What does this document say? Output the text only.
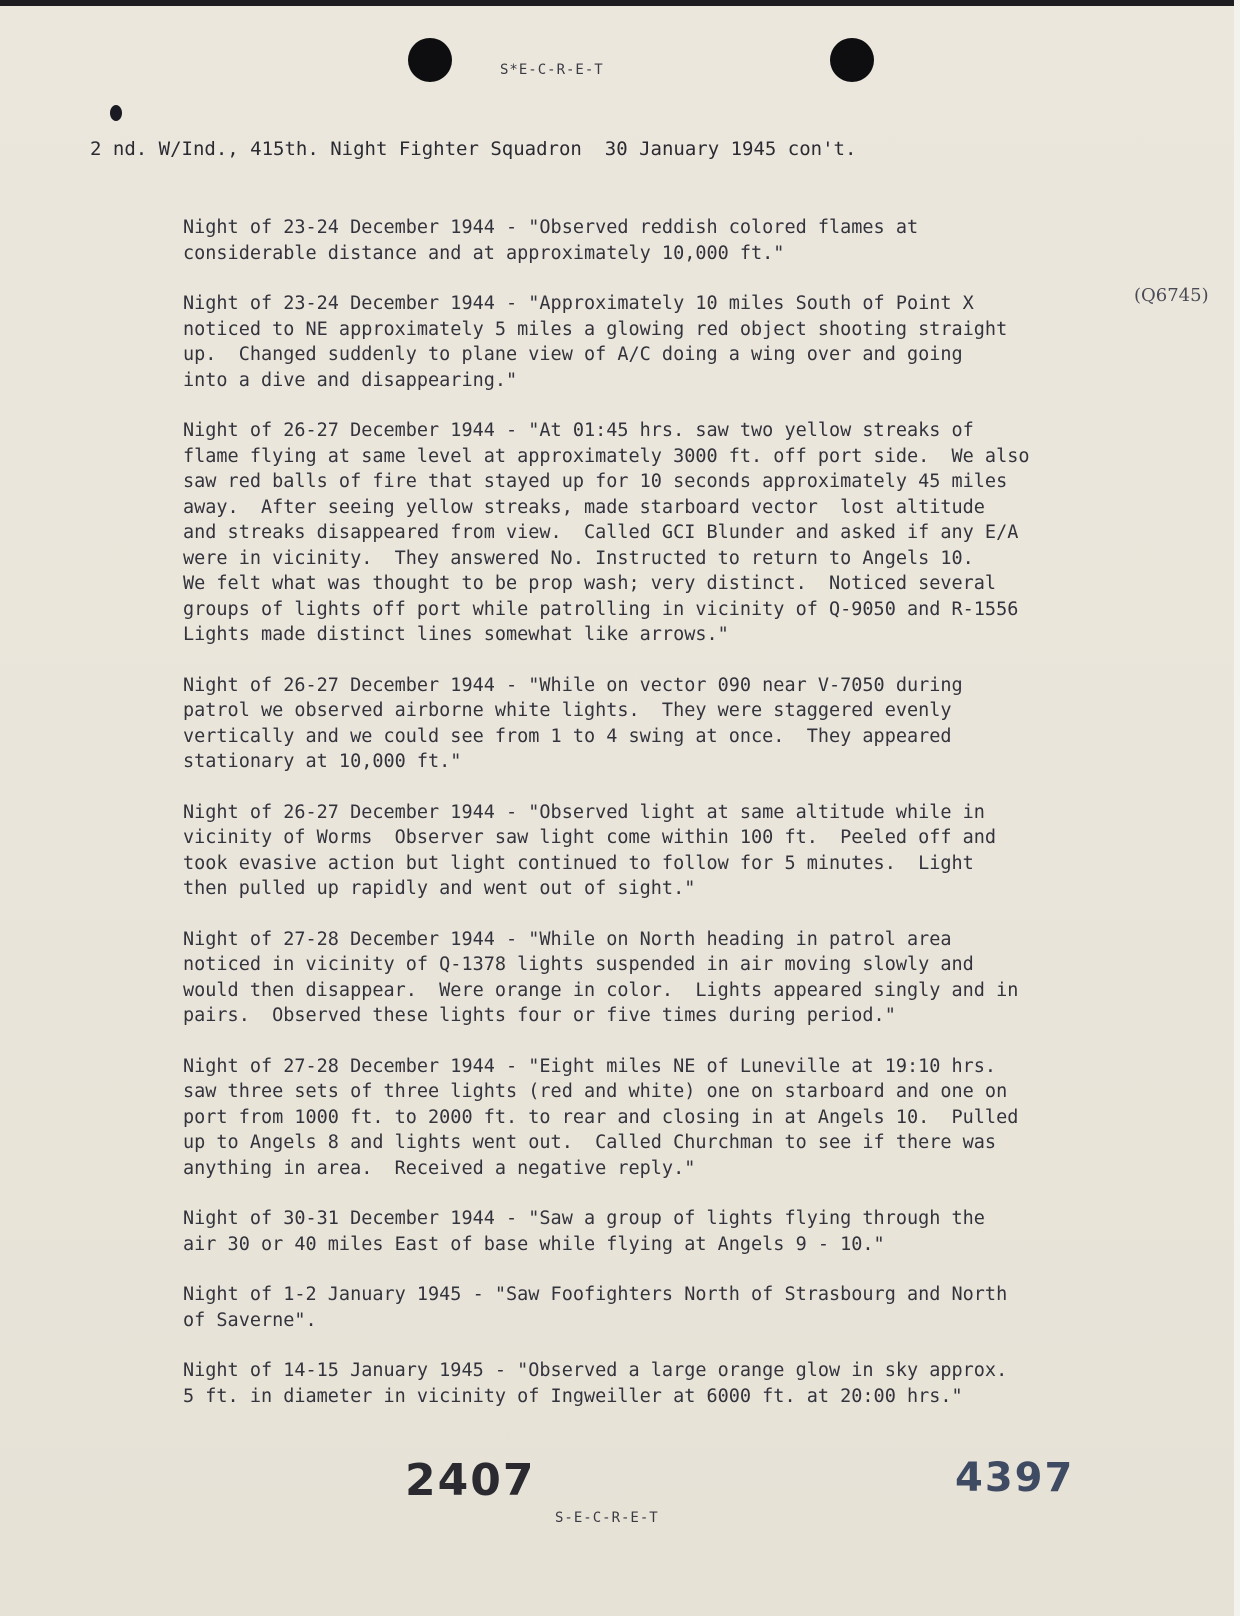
S*E-C-R-E-T
2 nd. W/Ind., 415th. Night Fighter Squadron  30 January 1945 con't.
(Q6745)
Night of 23-24 December 1944 - "Observed reddish colored flames at
considerable distance and at approximately 10,000 ft."
Night of 23-24 December 1944 - "Approximately 10 miles South of Point X
noticed to NE approximately 5 miles a glowing red object shooting straight
up.  Changed suddenly to plane view of A/C doing a wing over and going
into a dive and disappearing."
Night of 26-27 December 1944 - "At 01:45 hrs. saw two yellow streaks of
flame flying at same level at approximately 3000 ft. off port side.  We also
saw red balls of fire that stayed up for 10 seconds approximately 45 miles
away.  After seeing yellow streaks, made starboard vector  lost altitude
and streaks disappeared from view.  Called GCI Blunder and asked if any E/A
were in vicinity.  They answered No. Instructed to return to Angels 10.
We felt what was thought to be prop wash; very distinct.  Noticed several
groups of lights off port while patrolling in vicinity of Q-9050 and R-1556
Lights made distinct lines somewhat like arrows."
Night of 26-27 December 1944 - "While on vector 090 near V-7050 during
patrol we observed airborne white lights.  They were staggered evenly
vertically and we could see from 1 to 4 swing at once.  They appeared
stationary at 10,000 ft."
Night of 26-27 December 1944 - "Observed light at same altitude while in
vicinity of Worms  Observer saw light come within 100 ft.  Peeled off and
took evasive action but light continued to follow for 5 minutes.  Light
then pulled up rapidly and went out of sight."
Night of 27-28 December 1944 - "While on North heading in patrol area
noticed in vicinity of Q-1378 lights suspended in air moving slowly and
would then disappear.  Were orange in color.  Lights appeared singly and in
pairs.  Observed these lights four or five times during period."
Night of 27-28 December 1944 - "Eight miles NE of Luneville at 19:10 hrs.
saw three sets of three lights (red and white) one on starboard and one on
port from 1000 ft. to 2000 ft. to rear and closing in at Angels 10.  Pulled
up to Angels 8 and lights went out.  Called Churchman to see if there was
anything in area.  Received a negative reply."
Night of 30-31 December 1944 - "Saw a group of lights flying through the
air 30 or 40 miles East of base while flying at Angels 9 - 10."
Night of 1-2 January 1945 - "Saw Foofighters North of Strasbourg and North
of Saverne".
Night of 14-15 January 1945 - "Observed a large orange glow in sky approx.
5 ft. in diameter in vicinity of Ingweiller at 6000 ft. at 20:00 hrs."
2407
S-E-C-R-E-T
4397
